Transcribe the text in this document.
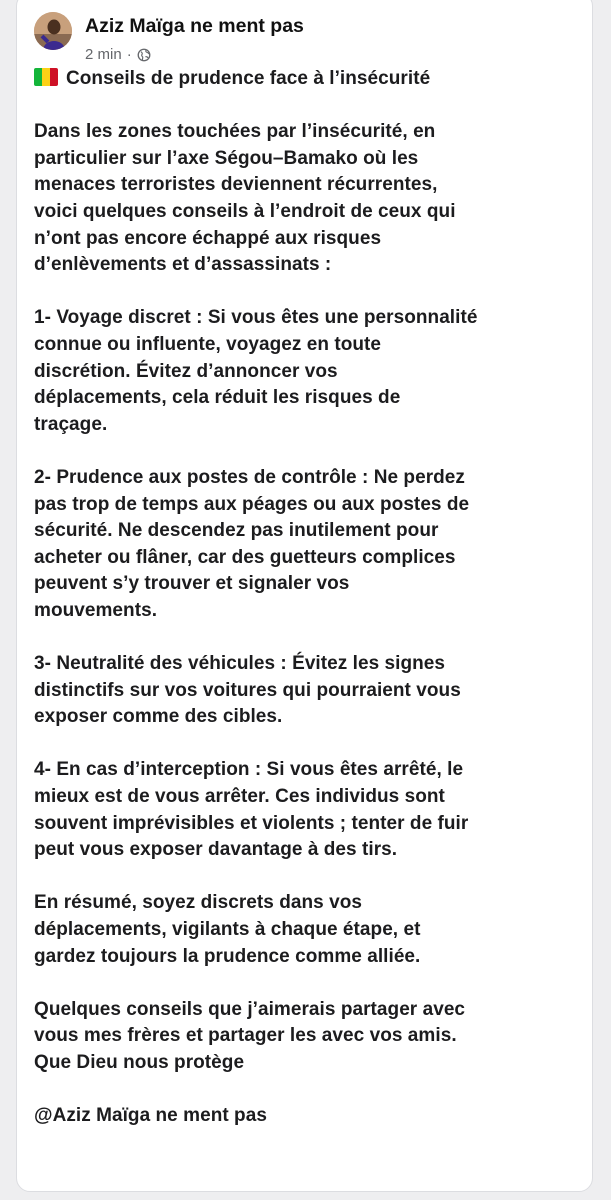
Aziz Maïga ne ment pas
2 min ·

Conseils de prudence face à l’insécurité

Dans les zones touchées par l’insécurité, en
particulier sur l’axe Ségou–Bamako où les
menaces terroristes deviennent récurrentes,
voici quelques conseils à l’endroit de ceux qui
n’ont pas encore échappé aux risques
d’enlèvements et d’assassinats :

1- Voyage discret : Si vous êtes une personnalité
connue ou influente, voyagez en toute
discrétion. Évitez d’annoncer vos
déplacements, cela réduit les risques de
traçage.

2- Prudence aux postes de contrôle : Ne perdez
pas trop de temps aux péages ou aux postes de
sécurité. Ne descendez pas inutilement pour
acheter ou flâner, car des guetteurs complices
peuvent s’y trouver et signaler vos
mouvements.

3- Neutralité des véhicules : Évitez les signes
distinctifs sur vos voitures qui pourraient vous
exposer comme des cibles.

4- En cas d’interception : Si vous êtes arrêté, le
mieux est de vous arrêter. Ces individus sont
souvent imprévisibles et violents ; tenter de fuir
peut vous exposer davantage à des tirs.

En résumé, soyez discrets dans vos
déplacements, vigilants à chaque étape, et
gardez toujours la prudence comme alliée.

Quelques conseils que j’aimerais partager avec
vous mes frères et partager les avec vos amis.
Que Dieu nous protège

@Aziz Maïga ne ment pas
